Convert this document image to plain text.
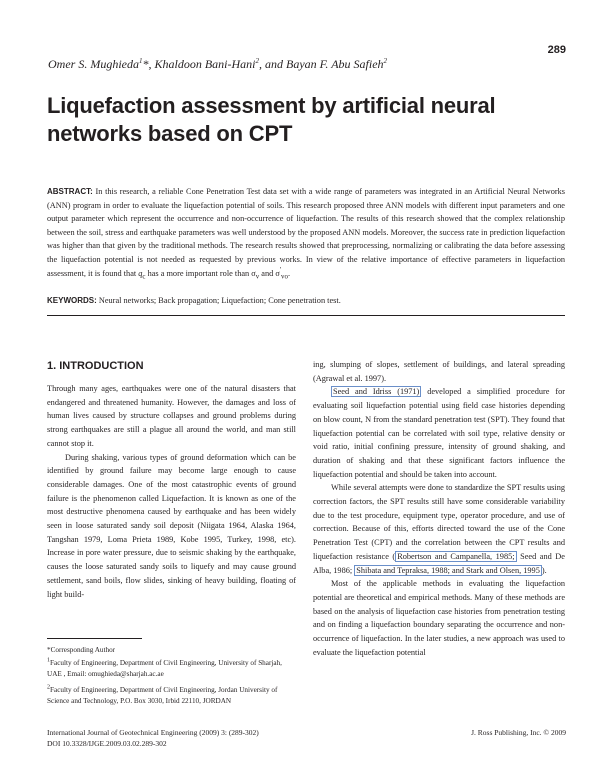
289
Omer S. Mughieda$^1$*, Khaldoon Bani-Hani$^2$, and Bayan F. Abu Safieh$^2$
Liquefaction assessment by artificial neural networks based on CPT
ABSTRACT: In this research, a reliable Cone Penetration Test data set with a wide range of parameters was integrated in an Artificial Neural Networks (ANN) program in order to evaluate the liquefaction potential of soils. This research proposed three ANN models with different input parameters and one output parameter which represent the occurrence and non-occurrence of liquefaction. The results of this research showed that the complex relationship between the soil, stress and earthquake parameters was well understood by the proposed ANN models. Moreover, the success rate in prediction liquefaction was higher than that given by the traditional methods. The research results showed that preprocessing, normalizing or calibrating the data before assessing the liquefaction potential is not needed as requested by previous works. In view of the relative importance of effective parameters in liquefaction assessment, it is found that $q_c$ has a more important role than $\sigma_v$ and $\sigma'_{vo}$.
KEYWORDS: Neural networks; Back propagation; Liquefaction; Cone penetration test.
1. INTRODUCTION

Through many ages, earthquakes were one of the natural disasters that endangered and threatened humanity. However, the damages and loss of human lives caused by structure collapses and ground problems during strong earthquakes are still a plague all around the world, and man still cannot stop it.

During shaking, various types of ground deformation which can be identified by ground failure may become large enough to cause considerable damages. One of the most catastrophic events of ground failure is the phenomenon called Liquefaction. It is known as one of the most destructive phenomena caused by earthquake and has been widely seen in loose saturated sandy soil deposit (Niigata 1964, Alaska 1964, Tangshan 1979, Loma Prieta 1989, Kobe 1995, Turkey, 1998, etc). Increase in pore water pressure, due to seismic shaking by the earthquake, causes the loose saturated sandy soils to liquefy and may cause ground settlement, sand boils, flow slides, sinking of heavy building, floating of light build-

ing, slumping of slopes, settlement of buildings, and lateral spreading (Agrawal et al. 1997).

Seed and Idriss (1971) developed a simplified procedure for evaluating soil liquefaction potential using field case histories depending on blow count, N from the standard penetration test (SPT). They found that liquefaction potential can be correlated with soil type, relative density or void ratio, initial confining pressure, intensity of ground shaking, and duration of shaking and that these significant factors influence the liquefaction potential and should be taken into account.

While several attempts were done to standardize the SPT results using correction factors, the SPT results still have some considerable variability due to the test procedure, equipment type, operator procedure, and use of correction. Because of this, efforts directed toward the use of the Cone Penetration Test (CPT) and the correlation between the CPT results and liquefaction resistance ( Robertson and Campanella, 1985; Seed and De Alba, 1986; Shibata and Tepraksa, 1988; and Stark and Olsen, 1995 ).

Most of the applicable methods in evaluating the liquefaction potential are theoretical and empirical methods. Many of these methods are based on the analysis of liquefaction case histories from penetration testing and on finding a liquefaction boundary separating the occurrence and non-occurrence of liquefaction. In the later studies, a new approach was used to evaluate the liquefaction potential

*Corresponding Author
$^1$Faculty of Engineering, Department of Civil Engineering, University of Sharjah, UAE , Email: omughieda@sharjah.ac.ae
$^2$Faculty of Engineering, Department of Civil Engineering, Jordan University of Science and Technology, P.O. Box 3030, Irbid 22110, JORDAN
International Journal of Geotechnical Engineering (2009) 3: (289-302)
DOI 10.3328/IJGE.2009.03.02.289-302
J. Ross Publishing, Inc. © 2009
